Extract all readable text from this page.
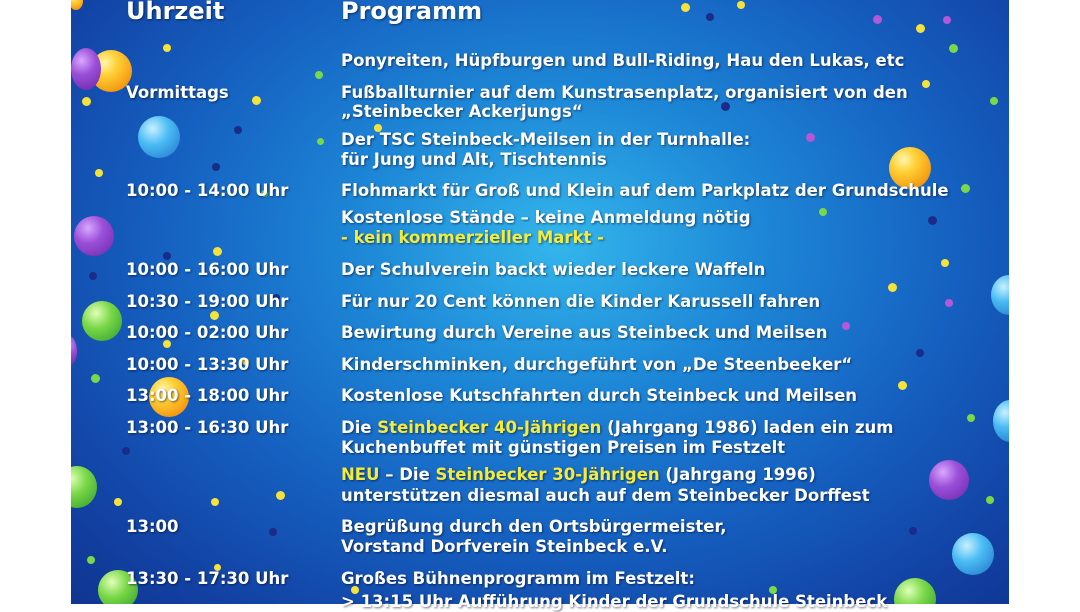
Uhrzeit	Programm
Ponyreiten, Hüpfburgen und Bull-Riding, Hau den Lukas, etc
Vormittags	Fußballturnier auf dem Kunstrasenplatz, organisiert von den
„Steinbecker Ackerjungs“
Der TSC Steinbeck-Meilsen in der Turnhalle:
für Jung und Alt, Tischtennis
10:00 - 14:00 Uhr	Flohmarkt für Groß und Klein auf dem Parkplatz der Grundschule
Kostenlose Stände – keine Anmeldung nötig
- kein kommerzieller Markt -
10:00 - 16:00 Uhr	Der Schulverein backt wieder leckere Waffeln
10:30 - 19:00 Uhr	Für nur 20 Cent können die Kinder Karussell fahren
10:00 - 02:00 Uhr	Bewirtung durch Vereine aus Steinbeck und Meilsen
10:00 - 13:30 Uhr	Kinderschminken, durchgeführt von „De Steenbeeker“
13:00 - 18:00 Uhr	Kostenlose Kutschfahrten durch Steinbeck und Meilsen
13:00 - 16:30 Uhr	Die Steinbecker 40-Jährigen (Jahrgang 1986) laden ein zum
Kuchenbuffet mit günstigen Preisen im Festzelt
NEU – Die Steinbecker 30-Jährigen (Jahrgang 1996)
unterstützen diesmal auch auf dem Steinbecker Dorffest
13:00	Begrüßung durch den Ortsbürgermeister,
Vorstand Dorfverein Steinbeck e.V.
13:30 - 17:30 Uhr	Großes Bühnenprogramm im Festzelt:
> 13:15 Uhr Aufführung Kinder der Grundschule Steinbeck
